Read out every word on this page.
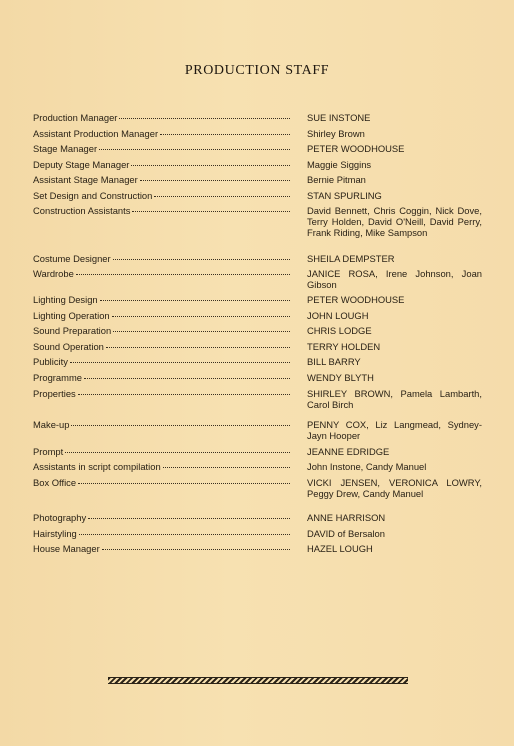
PRODUCTION STAFF
Production Manager	SUE INSTONE
Assistant Production Manager	Shirley Brown
Stage Manager	PETER WOODHOUSE
Deputy Stage Manager	Maggie Siggins
Assistant Stage Manager	Bernie Pitman
Set Design and Construction	STAN SPURLING
Construction Assistants	David Bennett, Chris Coggin, Nick Dove, Terry Holden, David O'Neill, David Perry, Frank Riding, Mike Sampson
Costume Designer	SHEILA DEMPSTER
Wardrobe	JANICE ROSA, Irene Johnson, Joan Gibson
Lighting Design	PETER WOODHOUSE
Lighting Operation	JOHN LOUGH
Sound Preparation	CHRIS LODGE
Sound Operation	TERRY HOLDEN
Publicity	BILL BARRY
Programme	WENDY BLYTH
Properties	SHIRLEY BROWN, Pamela Lambarth, Carol Birch
Make-up	PENNY COX, Liz Langmead, Sydney-Jayn Hooper
Prompt	JEANNE EDRIDGE
Assistants in script compilation	John Instone, Candy Manuel
Box Office	VICKI JENSEN, VERONICA LOWRY, Peggy Drew, Candy Manuel
Photography	ANNE HARRISON
Hairstyling	DAVID of Bersalon
House Manager	HAZEL LOUGH
